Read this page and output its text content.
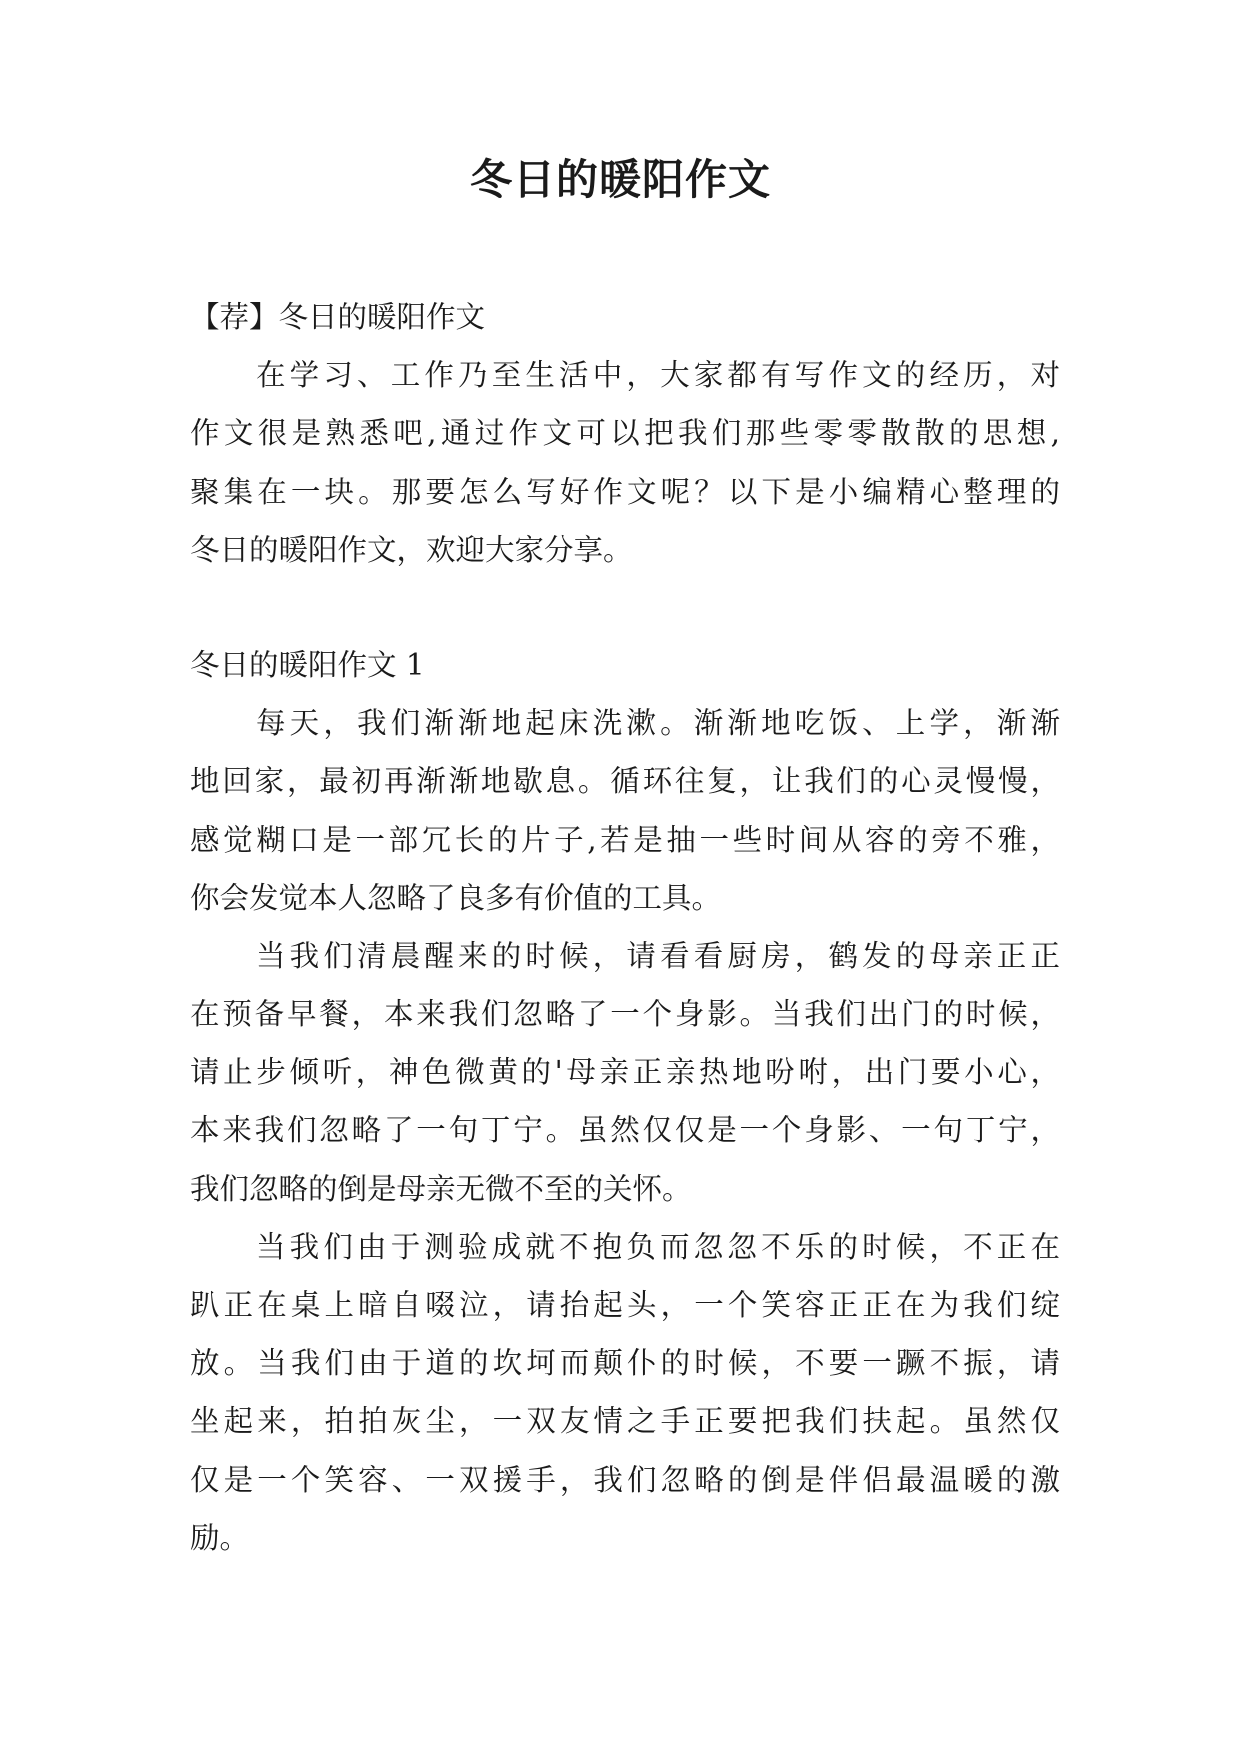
冬日的暖阳作文
【荐】冬日的暖阳作文
在学习、工作乃至生活中，大家都有写作文的经历，对
作文很是熟悉吧,通过作文可以把我们那些零零散散的思想,
聚集在一块。那要怎么写好作文呢？以下是小编精心整理的
冬日的暖阳作文，欢迎大家分享。
冬日的暖阳作文 1
每天，我们渐渐地起床洗漱。渐渐地吃饭、上学，渐渐
地回家，最初再渐渐地歇息。循环往复，让我们的心灵慢慢，
感觉糊口是一部冗长的片子,若是抽一些时间从容的旁不雅，
你会发觉本人忽略了良多有价值的工具。
当我们清晨醒来的时候，请看看厨房，鹤发的母亲正正
在预备早餐，本来我们忽略了一个身影。当我们出门的时候，
请止步倾听，神色微黄的'母亲正亲热地吩咐，出门要小心，
本来我们忽略了一句丁宁。虽然仅仅是一个身影、一句丁宁，
我们忽略的倒是母亲无微不至的关怀。
当我们由于测验成就不抱负而忽忽不乐的时候，不正在
趴正在桌上暗自啜泣，请抬起头，一个笑容正正在为我们绽
放。当我们由于道的坎坷而颠仆的时候，不要一蹶不振，请
坐起来，拍拍灰尘，一双友情之手正要把我们扶起。虽然仅
仅是一个笑容、一双援手，我们忽略的倒是伴侣最温暖的激
励。
